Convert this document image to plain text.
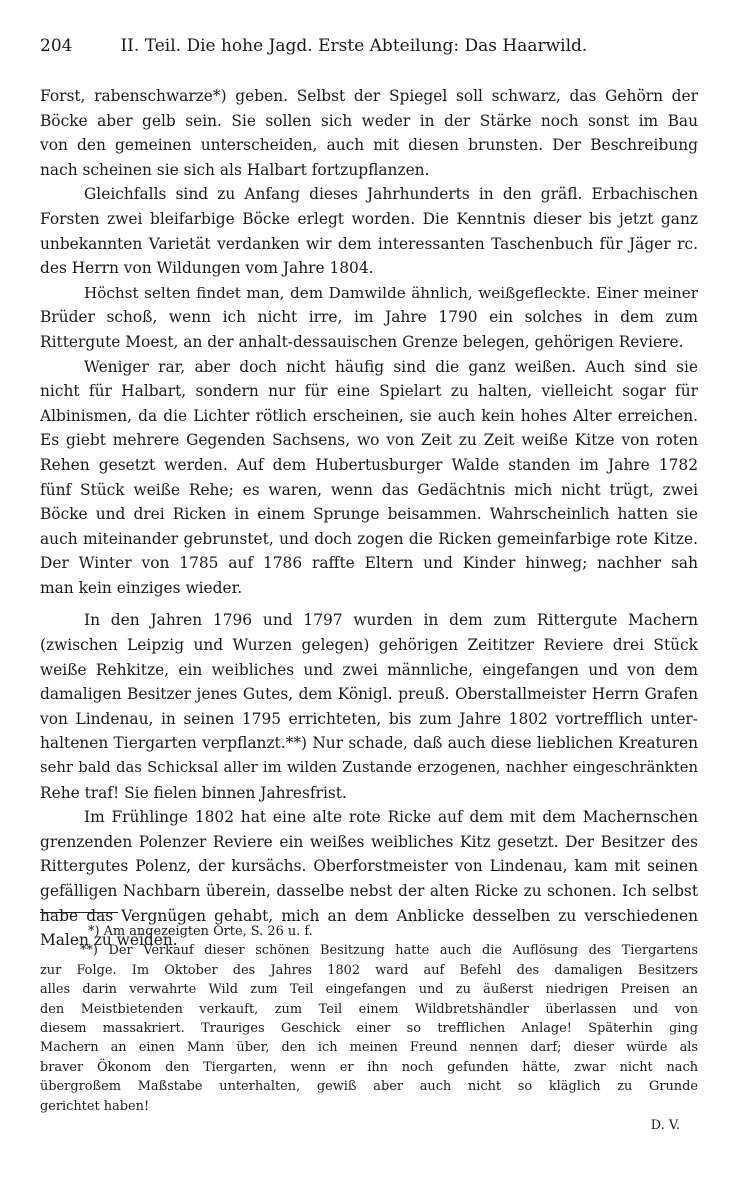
204	II. Teil. Die hohe Jagd. Erste Abteilung: Das Haarwild.
Forst, rabenschwarze*) geben. Selbst der Spiegel soll schwarz, das Gehörn der
Böcke aber gelb sein. Sie sollen sich weder in der Stärke noch sonst im Bau
von den gemeinen unterscheiden, auch mit diesen brunsten. Der Beschreibung
nach scheinen sie sich als Halbart fortzupflanzen.
Gleichfalls sind zu Anfang dieses Jahrhunderts in den gräfl. Erbachischen
Forsten zwei bleifarbige Böcke erlegt worden. Die Kenntnis dieser bis jetzt ganz
unbekannten Varietät verdanken wir dem interessanten Taschenbuch für Jäger rc.
des Herrn von Wildungen vom Jahre 1804.
Höchst selten findet man, dem Damwilde ähnlich, weißgefleckte. Einer meiner
Brüder schoß, wenn ich nicht irre, im Jahre 1790 ein solches in dem zum
Rittergute Moest, an der anhalt-dessauischen Grenze belegen, gehörigen Reviere.
Weniger rar, aber doch nicht häufig sind die ganz weißen. Auch sind sie
nicht für Halbart, sondern nur für eine Spielart zu halten, vielleicht sogar für
Albinismen, da die Lichter rötlich erscheinen, sie auch kein hohes Alter erreichen.
Es giebt mehrere Gegenden Sachsens, wo von Zeit zu Zeit weiße Kitze von roten
Rehen gesetzt werden. Auf dem Hubertusburger Walde standen im Jahre 1782
fünf Stück weiße Rehe; es waren, wenn das Gedächtnis mich nicht trügt, zwei
Böcke und drei Ricken in einem Sprunge beisammen. Wahrscheinlich hatten sie
auch miteinander gebrunstet, und doch zogen die Ricken gemeinfarbige rote Kitze.
Der Winter von 1785 auf 1786 raffte Eltern und Kinder hinweg; nachher sah
man kein einziges wieder.
In den Jahren 1796 und 1797 wurden in dem zum Rittergute Machern
(zwischen Leipzig und Wurzen gelegen) gehörigen Zeititzer Reviere drei Stück
weiße Rehkitze, ein weibliches und zwei männliche, eingefangen und von dem
damaligen Besitzer jenes Gutes, dem Königl. preuß. Oberstallmeister Herrn Grafen
von Lindenau, in seinen 1795 errichteten, bis zum Jahre 1802 vortrefflich unter-
haltenen Tiergarten verpflanzt.**) Nur schade, daß auch diese lieblichen Kreaturen
sehr bald das Schicksal aller im wilden Zustande erzogenen, nachher eingeschränkten
Rehe traf! Sie fielen binnen Jahresfrist.
Im Frühlinge 1802 hat eine alte rote Ricke auf dem mit dem Machernschen
grenzenden Polenzer Reviere ein weißes weibliches Kitz gesetzt. Der Besitzer des
Rittergutes Polenz, der kursächs. Oberforstmeister von Lindenau, kam mit seinen
gefälligen Nachbarn überein, dasselbe nebst der alten Ricke zu schonen. Ich selbst
habe das Vergnügen gehabt, mich an dem Anblicke desselben zu verschiedenen
Malen zu weiden.
*) Am angezeigten Orte, S. 26 u. f.
**) Der Verkauf dieser schönen Besitzung hatte auch die Auflösung des Tiergartens
zur Folge. Im Oktober des Jahres 1802 ward auf Befehl des damaligen Besitzers
alles darin verwahrte Wild zum Teil eingefangen und zu äußerst niedrigen Preisen an
den Meistbietenden verkauft, zum Teil einem Wildbretshändler überlassen und von
diesem massakriert. Trauriges Geschick einer so trefflichen Anlage! Späterhin ging
Machern an einen Mann über, den ich meinen Freund nennen darf; dieser würde als
braver Ökonom den Tiergarten, wenn er ihn noch gefunden hätte, zwar nicht nach
übergroßem Maßstabe unterhalten, gewiß aber auch nicht so kläglich zu Grunde
gerichtet haben!
D. V.
